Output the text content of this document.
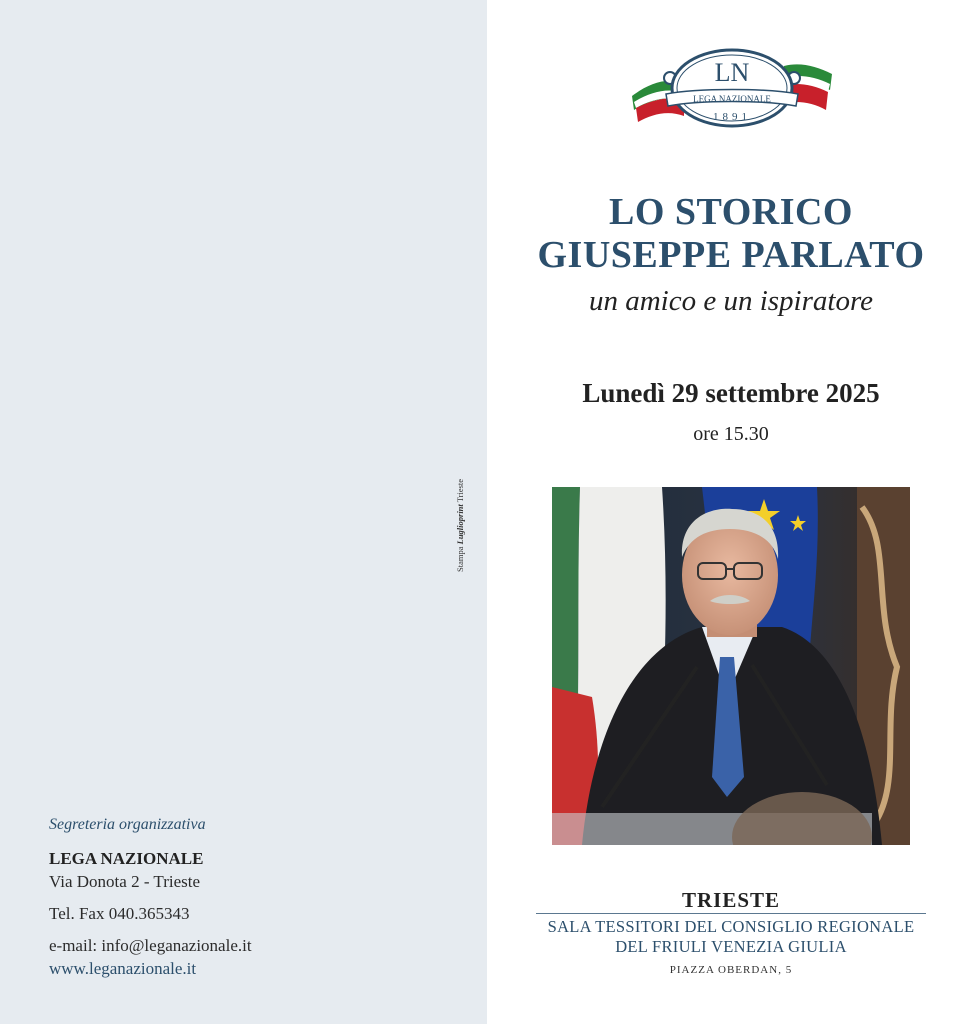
Stampa Luglioprint Trieste

Segreteria organizzativa

LEGA NAZIONALE
Via Donota 2 - Trieste
Tel. Fax 040.365343
e-mail: info@leganazionale.it
www.leganazionale.it
LN
LEGA NAZIONALE
1891
LO STORICO
GIUSEPPE PARLATO
un amico e un ispiratore
Lunedì 29 settembre 2025
ore 15.30
TRIESTE
SALA TESSITORI DEL CONSIGLIO REGIONALE
DEL FRIULI VENEZIA GIULIA
PIAZZA OBERDAN, 5
